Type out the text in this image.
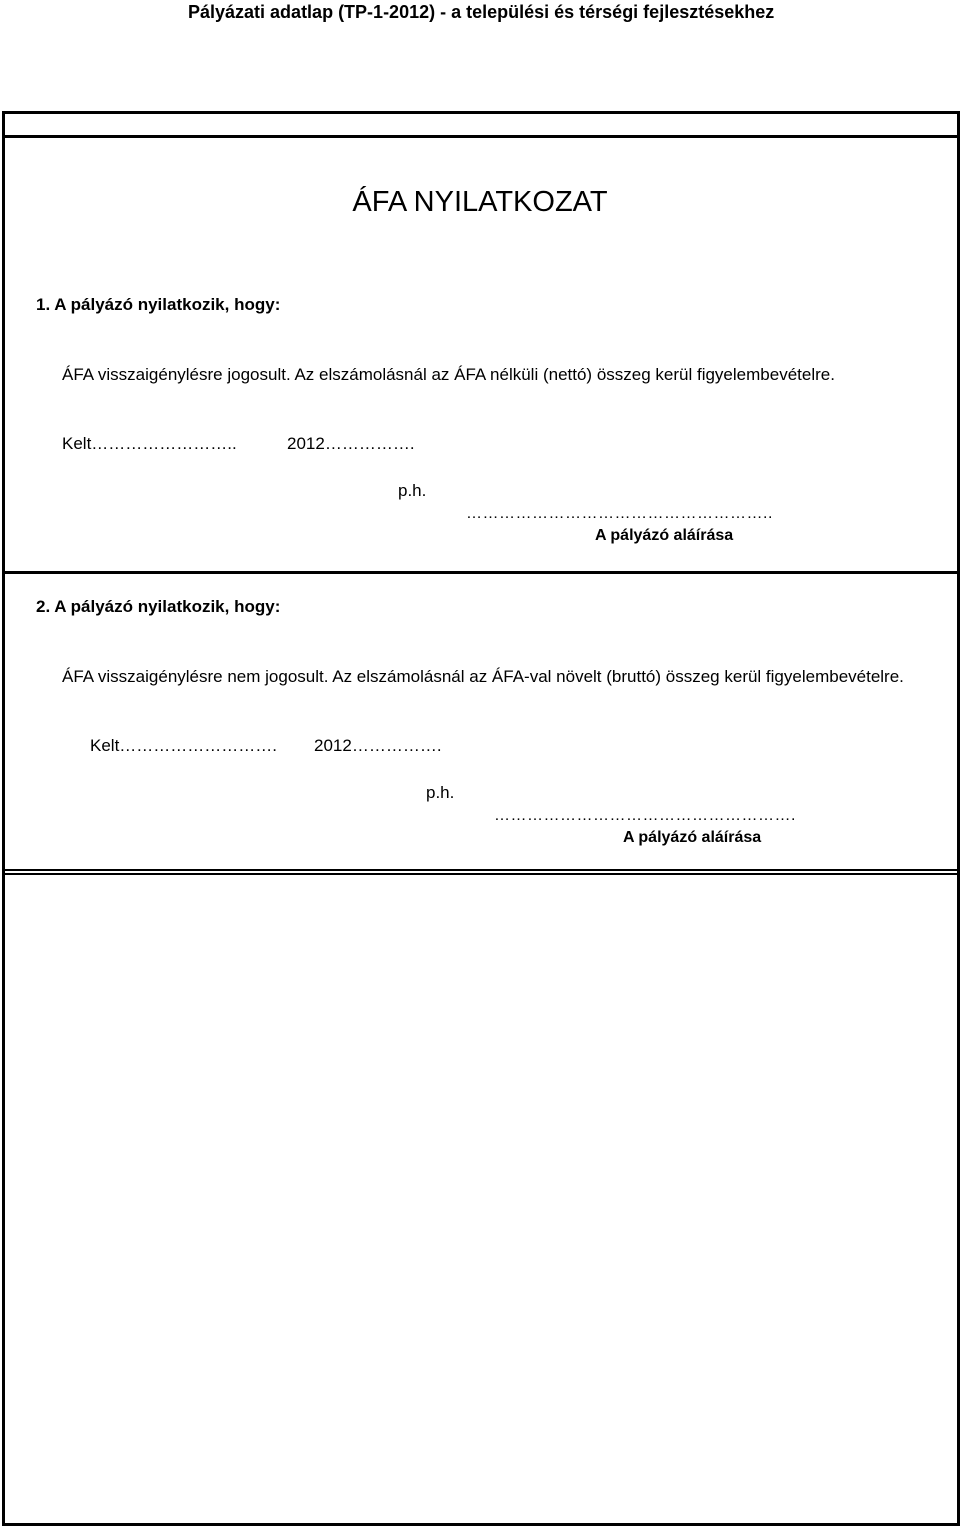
Pályázati adatlap (TP-1-2012) - a települési és térségi fejlesztésekhez
ÁFA NYILATKOZAT
1. A pályázó nyilatkozik, hogy:
ÁFA visszaigénylésre jogosult. Az elszámolásnál az ÁFA nélküli (nettó) összeg kerül figyelembevételre.
Kelt……………………..	2012…………….
p.h.
………………………………………………..
A pályázó aláírása
2. A pályázó nyilatkozik, hogy:
ÁFA visszaigénylésre nem jogosult. Az elszámolásnál az ÁFA-val növelt (bruttó) összeg kerül figyelembevételre.
Kelt………………………. 2012…………….
p.h.
……………………………………………….
A pályázó aláírása
